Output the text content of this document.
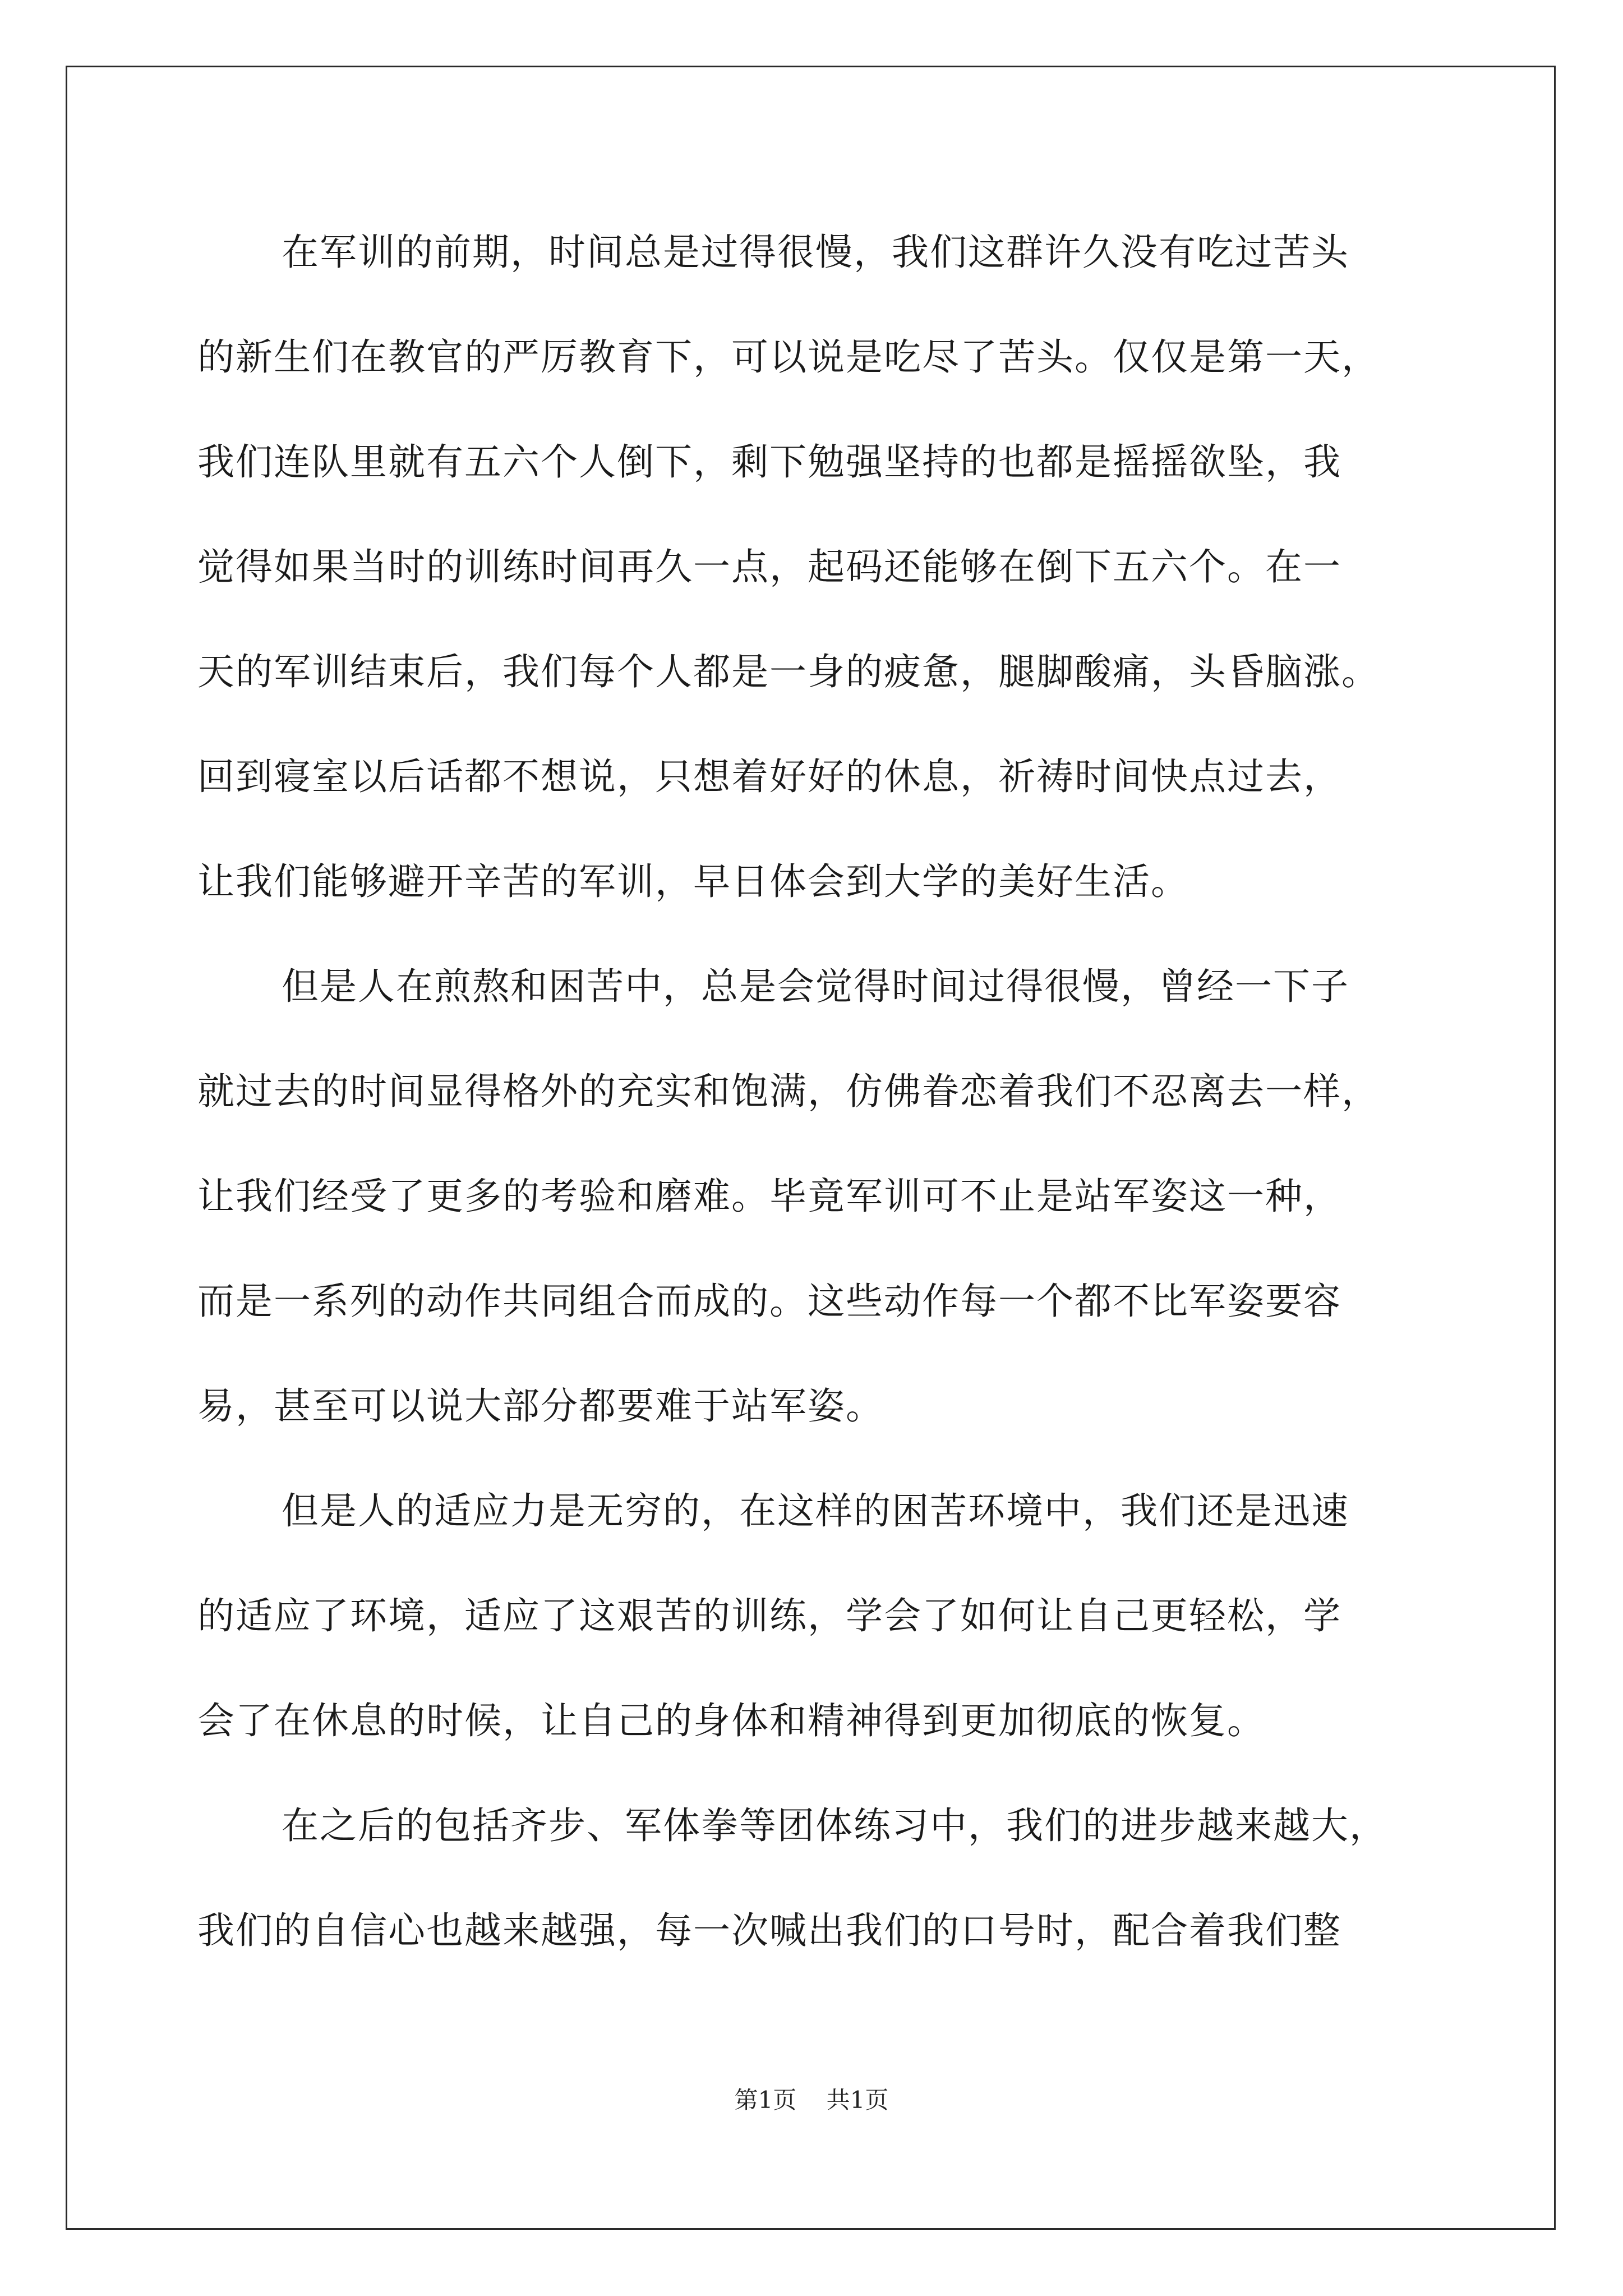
在军训的前期，时间总是过得很慢，我们这群许久没有吃过苦头
的新生们在教官的严厉教育下，可以说是吃尽了苦头。仅仅是第一天，
我们连队里就有五六个人倒下，剩下勉强坚持的也都是摇摇欲坠，我
觉得如果当时的训练时间再久一点，起码还能够在倒下五六个。在一
天的军训结束后，我们每个人都是一身的疲惫，腿脚酸痛，头昏脑涨。
回到寝室以后话都不想说，只想着好好的休息，祈祷时间快点过去，
让我们能够避开辛苦的军训，早日体会到大学的美好生活。
但是人在煎熬和困苦中，总是会觉得时间过得很慢，曾经一下子
就过去的时间显得格外的充实和饱满，仿佛眷恋着我们不忍离去一样，
让我们经受了更多的考验和磨难。毕竟军训可不止是站军姿这一种，
而是一系列的动作共同组合而成的。这些动作每一个都不比军姿要容
易，甚至可以说大部分都要难于站军姿。
但是人的适应力是无穷的，在这样的困苦环境中，我们还是迅速
的适应了环境，适应了这艰苦的训练，学会了如何让自己更轻松，学
会了在休息的时候，让自己的身体和精神得到更加彻底的恢复。
在之后的包括齐步、军体拳等团体练习中，我们的进步越来越大，
我们的自信心也越来越强，每一次喊出我们的口号时，配合着我们整
第1页 共1页
